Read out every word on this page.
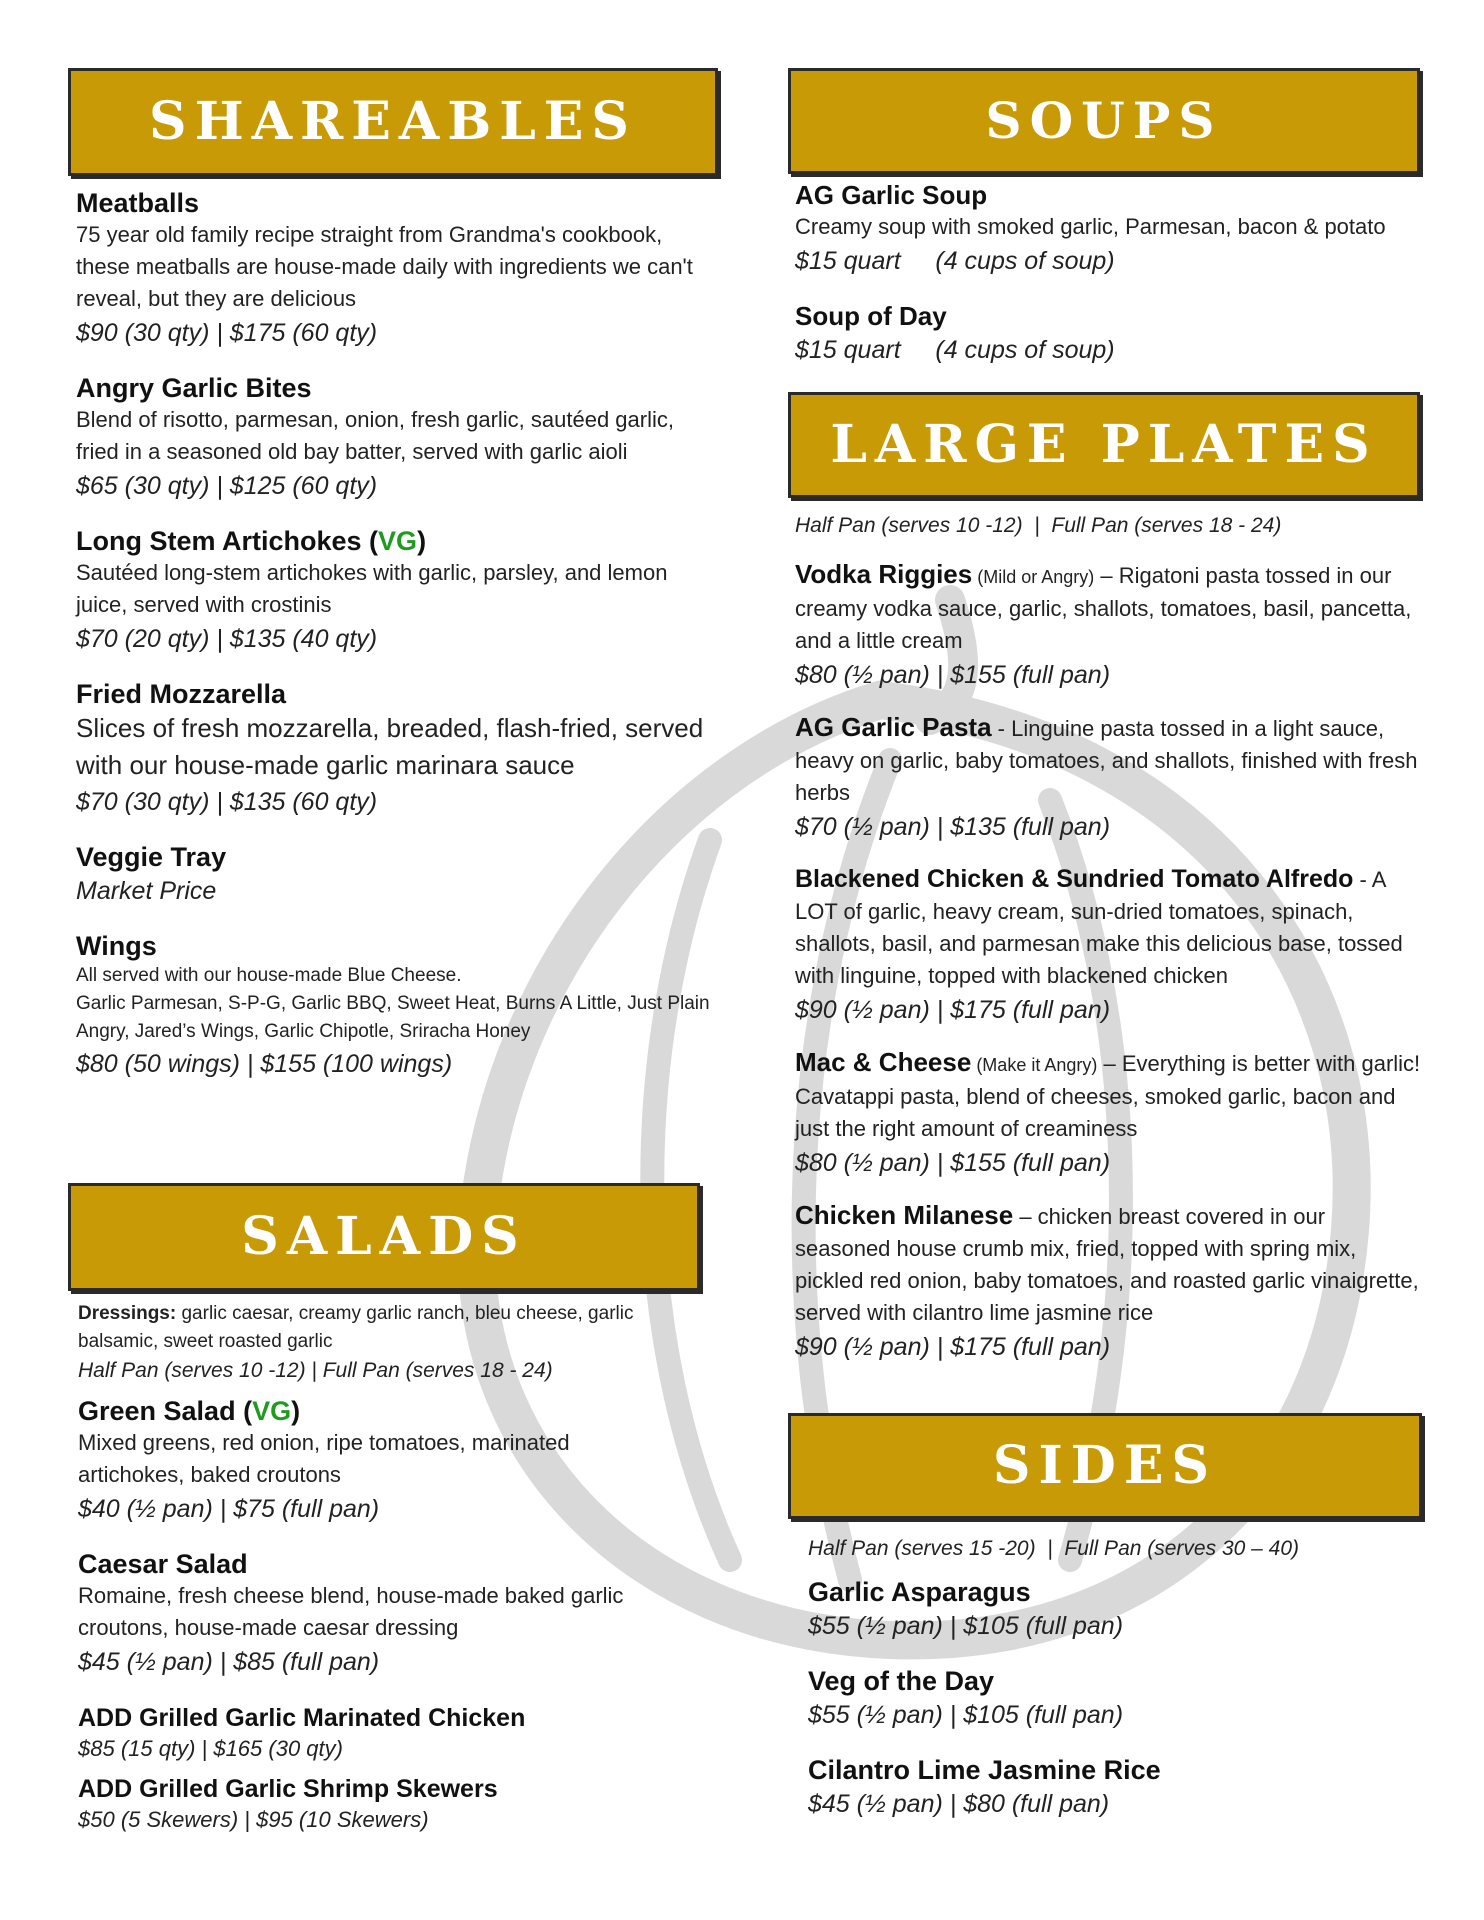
SHAREABLES
Meatballs
75 year old family recipe straight from Grandma's cookbook, these meatballs are house-made daily with ingredients we can't reveal, but they are delicious
$90 (30 qty) | $175 (60 qty)
Angry Garlic Bites
Blend of risotto, parmesan, onion, fresh garlic, sautéed garlic, fried in a seasoned old bay batter, served with garlic aioli
$65 (30 qty) | $125 (60 qty)
Long Stem Artichokes (VG)
Sautéed long-stem artichokes with garlic, parsley, and lemon juice, served with crostinis
$70 (20 qty) | $135 (40 qty)
Fried Mozzarella
Slices of fresh mozzarella, breaded, flash-fried, served with our house-made garlic marinara sauce
$70 (30 qty) | $135 (60 qty)
Veggie Tray
Market Price
Wings
All served with our house-made Blue Cheese.
Garlic Parmesan, S-P-G, Garlic BBQ, Sweet Heat, Burns A Little, Just Plain Angry, Jared’s Wings, Garlic Chipotle, Sriracha Honey
$80 (50 wings) | $155 (100 wings)
SALADS
Dressings: garlic caesar, creamy garlic ranch, bleu cheese, garlic balsamic, sweet roasted garlic
Half Pan (serves 10 -12) | Full Pan (serves 18 - 24)
Green Salad (VG)
Mixed greens, red onion, ripe tomatoes, marinated artichokes, baked croutons
$40 (½ pan) | $75 (full pan)
Caesar Salad
Romaine, fresh cheese blend, house-made baked garlic croutons, house-made caesar dressing
$45 (½ pan) | $85 (full pan)
ADD Grilled Garlic Marinated Chicken
$85 (15 qty) | $165 (30 qty)
ADD Grilled Garlic Shrimp Skewers
$50 (5 Skewers) | $95 (10 Skewers)
SOUPS
AG Garlic Soup
Creamy soup with smoked garlic, Parmesan, bacon & potato
$15 quart     (4 cups of soup)
Soup of Day
$15 quart     (4 cups of soup)
LARGE PLATES
Half Pan (serves 10 -12)  |  Full Pan (serves 18 - 24)
Vodka Riggies (Mild or Angry) – Rigatoni pasta tossed in our creamy vodka sauce, garlic, shallots, tomatoes, basil, pancetta, and a little cream
$80 (½ pan) | $155 (full pan)
AG Garlic Pasta - Linguine pasta tossed in a light sauce, heavy on garlic, baby tomatoes, and shallots, finished with fresh herbs
$70 (½ pan) | $135 (full pan)
Blackened Chicken & Sundried Tomato Alfredo - A LOT of garlic, heavy cream, sun-dried tomatoes, spinach, shallots, basil, and parmesan make this delicious base, tossed with linguine, topped with blackened chicken
$90 (½ pan) | $175 (full pan)
Mac & Cheese (Make it Angry) – Everything is better with garlic! Cavatappi pasta, blend of cheeses, smoked garlic, bacon and just the right amount of creaminess
$80 (½ pan) | $155 (full pan)
Chicken Milanese – chicken breast covered in our seasoned house crumb mix, fried, topped with spring mix, pickled red onion, baby tomatoes, and roasted garlic vinaigrette, served with cilantro lime jasmine rice
$90 (½ pan) | $175 (full pan)
SIDES
Half Pan (serves 15 -20)  |  Full Pan (serves 30 – 40)
Garlic Asparagus
$55 (½ pan) | $105 (full pan)
Veg of the Day
$55 (½ pan) | $105 (full pan)
Cilantro Lime Jasmine Rice
$45 (½ pan) | $80 (full pan)
